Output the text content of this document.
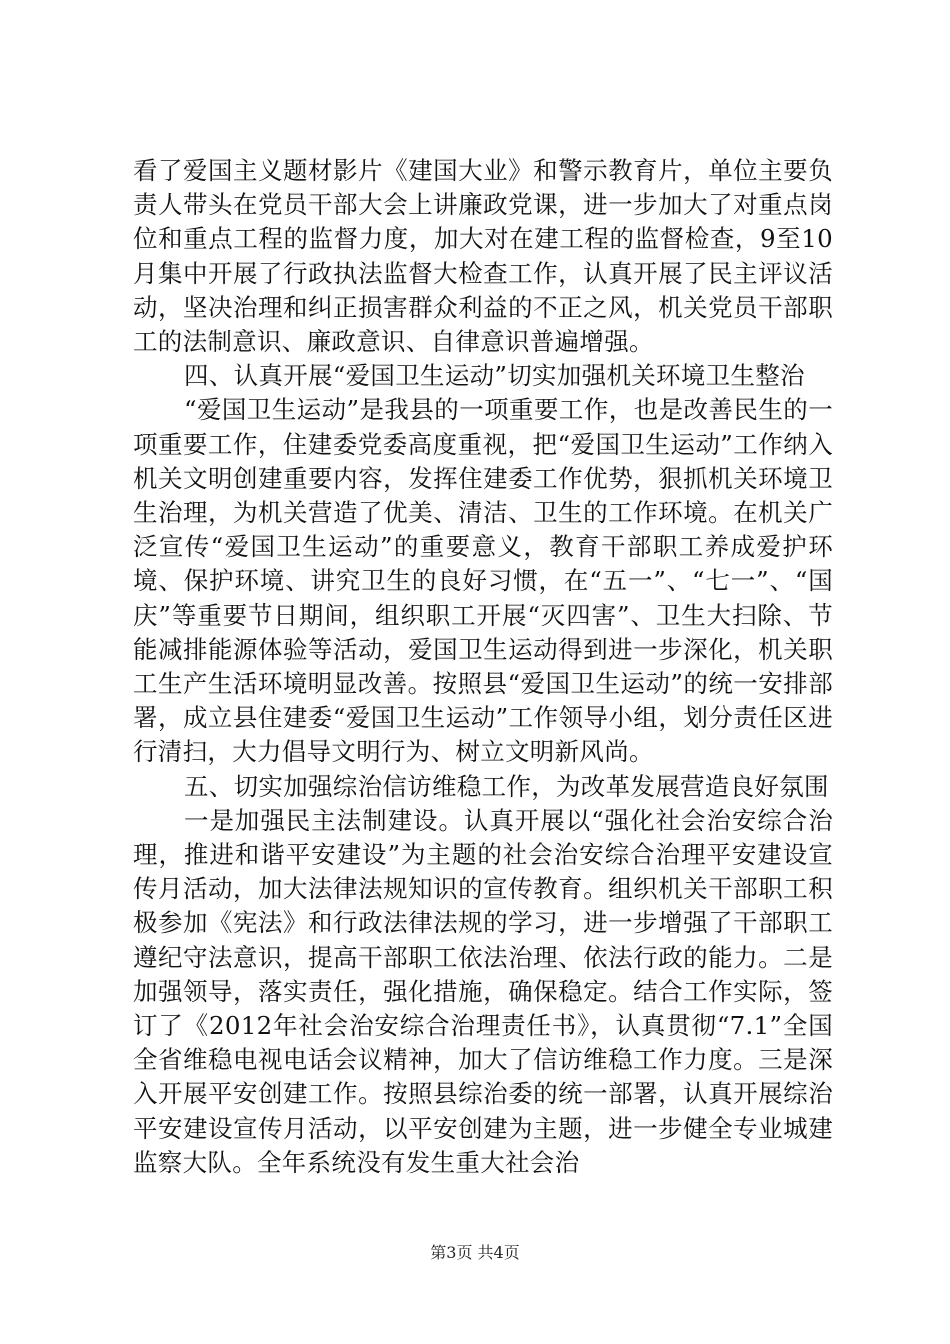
看了爱国主义题材影片《建国大业》和警示教育片，单位主要负责人带头在党员干部大会上讲廉政党课，进一步加大了对重点岗位和重点工程的监督力度，加大对在建工程的监督检查，9至10月集中开展了行政执法监督大检查工作，认真开展了民主评议活动，坚决治理和纠正损害群众利益的不正之风，机关党员干部职工的法制意识、廉政意识、自律意识普遍增强。

四、认真开展“爱国卫生运动”切实加强机关环境卫生整治

“爱国卫生运动”是我县的一项重要工作，也是改善民生的一项重要工作，住建委党委高度重视，把“爱国卫生运动”工作纳入机关文明创建重要内容，发挥住建委工作优势，狠抓机关环境卫生治理，为机关营造了优美、清洁、卫生的工作环境。在机关广泛宣传“爱国卫生运动”的重要意义，教育干部职工养成爱护环境、保护环境、讲究卫生的良好习惯，在“五一”、“七一”、“国庆”等重要节日期间，组织职工开展“灭四害”、卫生大扫除、节能减排能源体验等活动，爱国卫生运动得到进一步深化，机关职工生产生活环境明显改善。按照县“爱国卫生运动”的统一安排部署，成立县住建委“爱国卫生运动”工作领导小组，划分责任区进行清扫，大力倡导文明行为、树立文明新风尚。

五、切实加强综治信访维稳工作，为改革发展营造良好氛围

一是加强民主法制建设。认真开展以“强化社会治安综合治理，推进和谐平安建设”为主题的社会治安综合治理平安建设宣传月活动，加大法律法规知识的宣传教育。组织机关干部职工积极参加《宪法》和行政法律法规的学习，进一步增强了干部职工遵纪守法意识，提高干部职工依法治理、依法行政的能力。二是加强领导，落实责任，强化措施，确保稳定。结合工作实际，签订了《2012年社会治安综合治理责任书》，认真贯彻“7.1”全国全省维稳电视电话会议精神，加大了信访维稳工作力度。三是深入开展平安创建工作。按照县综治委的统一部署，认真开展综治平安建设宣传月活动，以平安创建为主题，进一步健全专业城建监察大队。全年系统没有发生重大社会治

第3页 共4页
